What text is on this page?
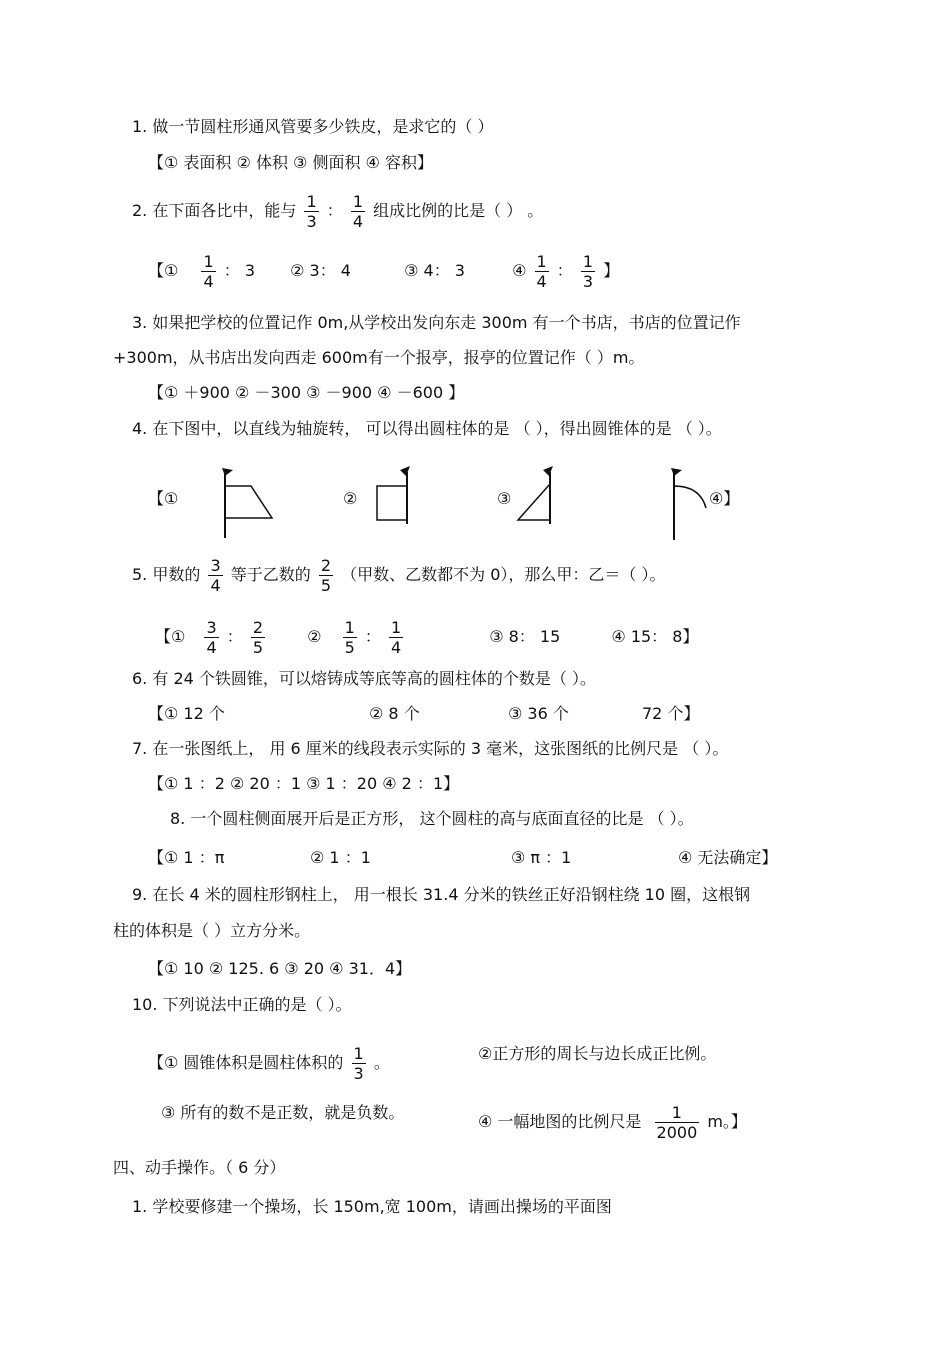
1. 做一节圆柱形通风管要多少铁皮，是求它的（ ）
【① 表面积 ② 体积 ③ 侧面积 ④ 容积】
2. 在下面各比中，能与 $\frac{1}{3}$ ： $\frac{1}{4}$ 组成比例的比是（ ） 。
【① $\frac{1}{4}$ ： 3 ② 3： 4	③ 4： 3	④ $\frac{1}{4}$ ： $\frac{1}{3}$ 】
3. 如果把学校的位置记作 0m,从学校出发向东走 300m 有一个书店，书店的位置记作
+300m，从书店出发向西走 600m有一个报亭，报亭的位置记作（ ）m。
【① ＋900 ② －300 ③ －900 ④ －600 】
4. 在下图中，以直线为轴旋转， 可以得出圆柱体的是 （ ），得出圆锥体的是 （ ）。
【①	②	③	④】
5. 甲数的 $\frac{3}{4}$ 等于乙数的 $\frac{2}{5}$ （甲数、乙数都不为 0），那么甲：乙＝（ ）。
【① $\frac{3}{4}$ ： $\frac{2}{5}$	② $\frac{1}{5}$ ： $\frac{1}{4}$	③ 8： 15	④ 15： 8】
6. 有 24 个铁圆锥，可以熔铸成等底等高的圆柱体的个数是（ ）。
【① 12 个	② 8 个	③ 36 个	72 个】
7. 在一张图纸上， 用 6 厘米的线段表示实际的 3 毫米，这张图纸的比例尺是 （ ）。
【① 1 ：2 ② 20 ：1 ③ 1 ：20 ④ 2 ：1】
8. 一个圆柱侧面展开后是正方形， 这个圆柱的高与底面直径的比是 （ ）。
【① 1 ：π	② 1 ：1	③ π ：1	④ 无法确定】
9. 在长 4 米的圆柱形钢柱上， 用一根长 31.4 分米的铁丝正好沿钢柱绕 10 圈，这根钢
柱的体积是（ ）立方分米。
【① 10 ② 125. 6 ③ 20 ④ 31．4】
10. 下列说法中正确的是（ ）。
【① 圆锥体积是圆柱体积的 $\frac{1}{3}$ 。	②正方形的周长与边长成正比例。
③ 所有的数不是正数，就是负数。	④ 一幅地图的比例尺是 $\frac{1}{2000}$ m。】
四、动手操作。（ 6 分）
1. 学校要修建一个操场，长 150m,宽 100m，请画出操场的平面图
